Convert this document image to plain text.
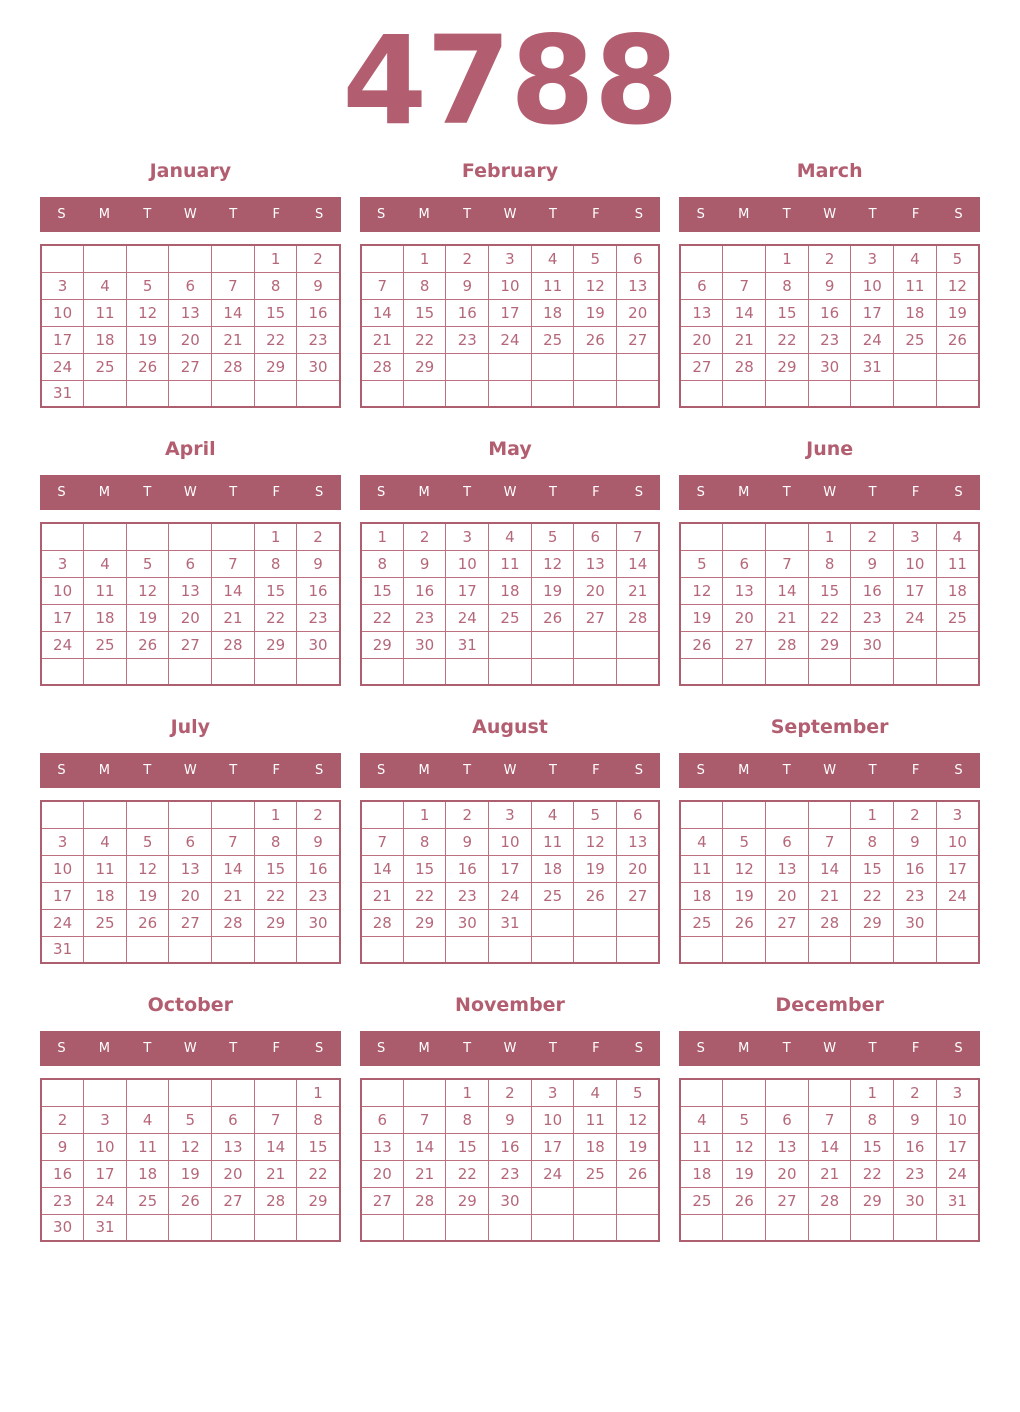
4788
January
S	M	T	W	T	F	S
					1	2
3	4	5	6	7	8	9
10	11	12	13	14	15	16
17	18	19	20	21	22	23
24	25	26	27	28	29	30
31						
February
S	M	T	W	T	F	S
	1	2	3	4	5	6
7	8	9	10	11	12	13
14	15	16	17	18	19	20
21	22	23	24	25	26	27
28	29					

March
S	M	T	W	T	F	S
		1	2	3	4	5
6	7	8	9	10	11	12
13	14	15	16	17	18	19
20	21	22	23	24	25	26
27	28	29	30	31		

April
S	M	T	W	T	F	S
					1	2
3	4	5	6	7	8	9
10	11	12	13	14	15	16
17	18	19	20	21	22	23
24	25	26	27	28	29	30

May
S	M	T	W	T	F	S
1	2	3	4	5	6	7
8	9	10	11	12	13	14
15	16	17	18	19	20	21
22	23	24	25	26	27	28
29	30	31				

June
S	M	T	W	T	F	S
			1	2	3	4
5	6	7	8	9	10	11
12	13	14	15	16	17	18
19	20	21	22	23	24	25
26	27	28	29	30		

July
S	M	T	W	T	F	S
					1	2
3	4	5	6	7	8	9
10	11	12	13	14	15	16
17	18	19	20	21	22	23
24	25	26	27	28	29	30
31						
August
S	M	T	W	T	F	S
	1	2	3	4	5	6
7	8	9	10	11	12	13
14	15	16	17	18	19	20
21	22	23	24	25	26	27
28	29	30	31			

September
S	M	T	W	T	F	S
				1	2	3
4	5	6	7	8	9	10
11	12	13	14	15	16	17
18	19	20	21	22	23	24
25	26	27	28	29	30	

October
S	M	T	W	T	F	S
						1
2	3	4	5	6	7	8
9	10	11	12	13	14	15
16	17	18	19	20	21	22
23	24	25	26	27	28	29
30	31					
November
S	M	T	W	T	F	S
		1	2	3	4	5
6	7	8	9	10	11	12
13	14	15	16	17	18	19
20	21	22	23	24	25	26
27	28	29	30			

December
S	M	T	W	T	F	S
				1	2	3
4	5	6	7	8	9	10
11	12	13	14	15	16	17
18	19	20	21	22	23	24
25	26	27	28	29	30	31
